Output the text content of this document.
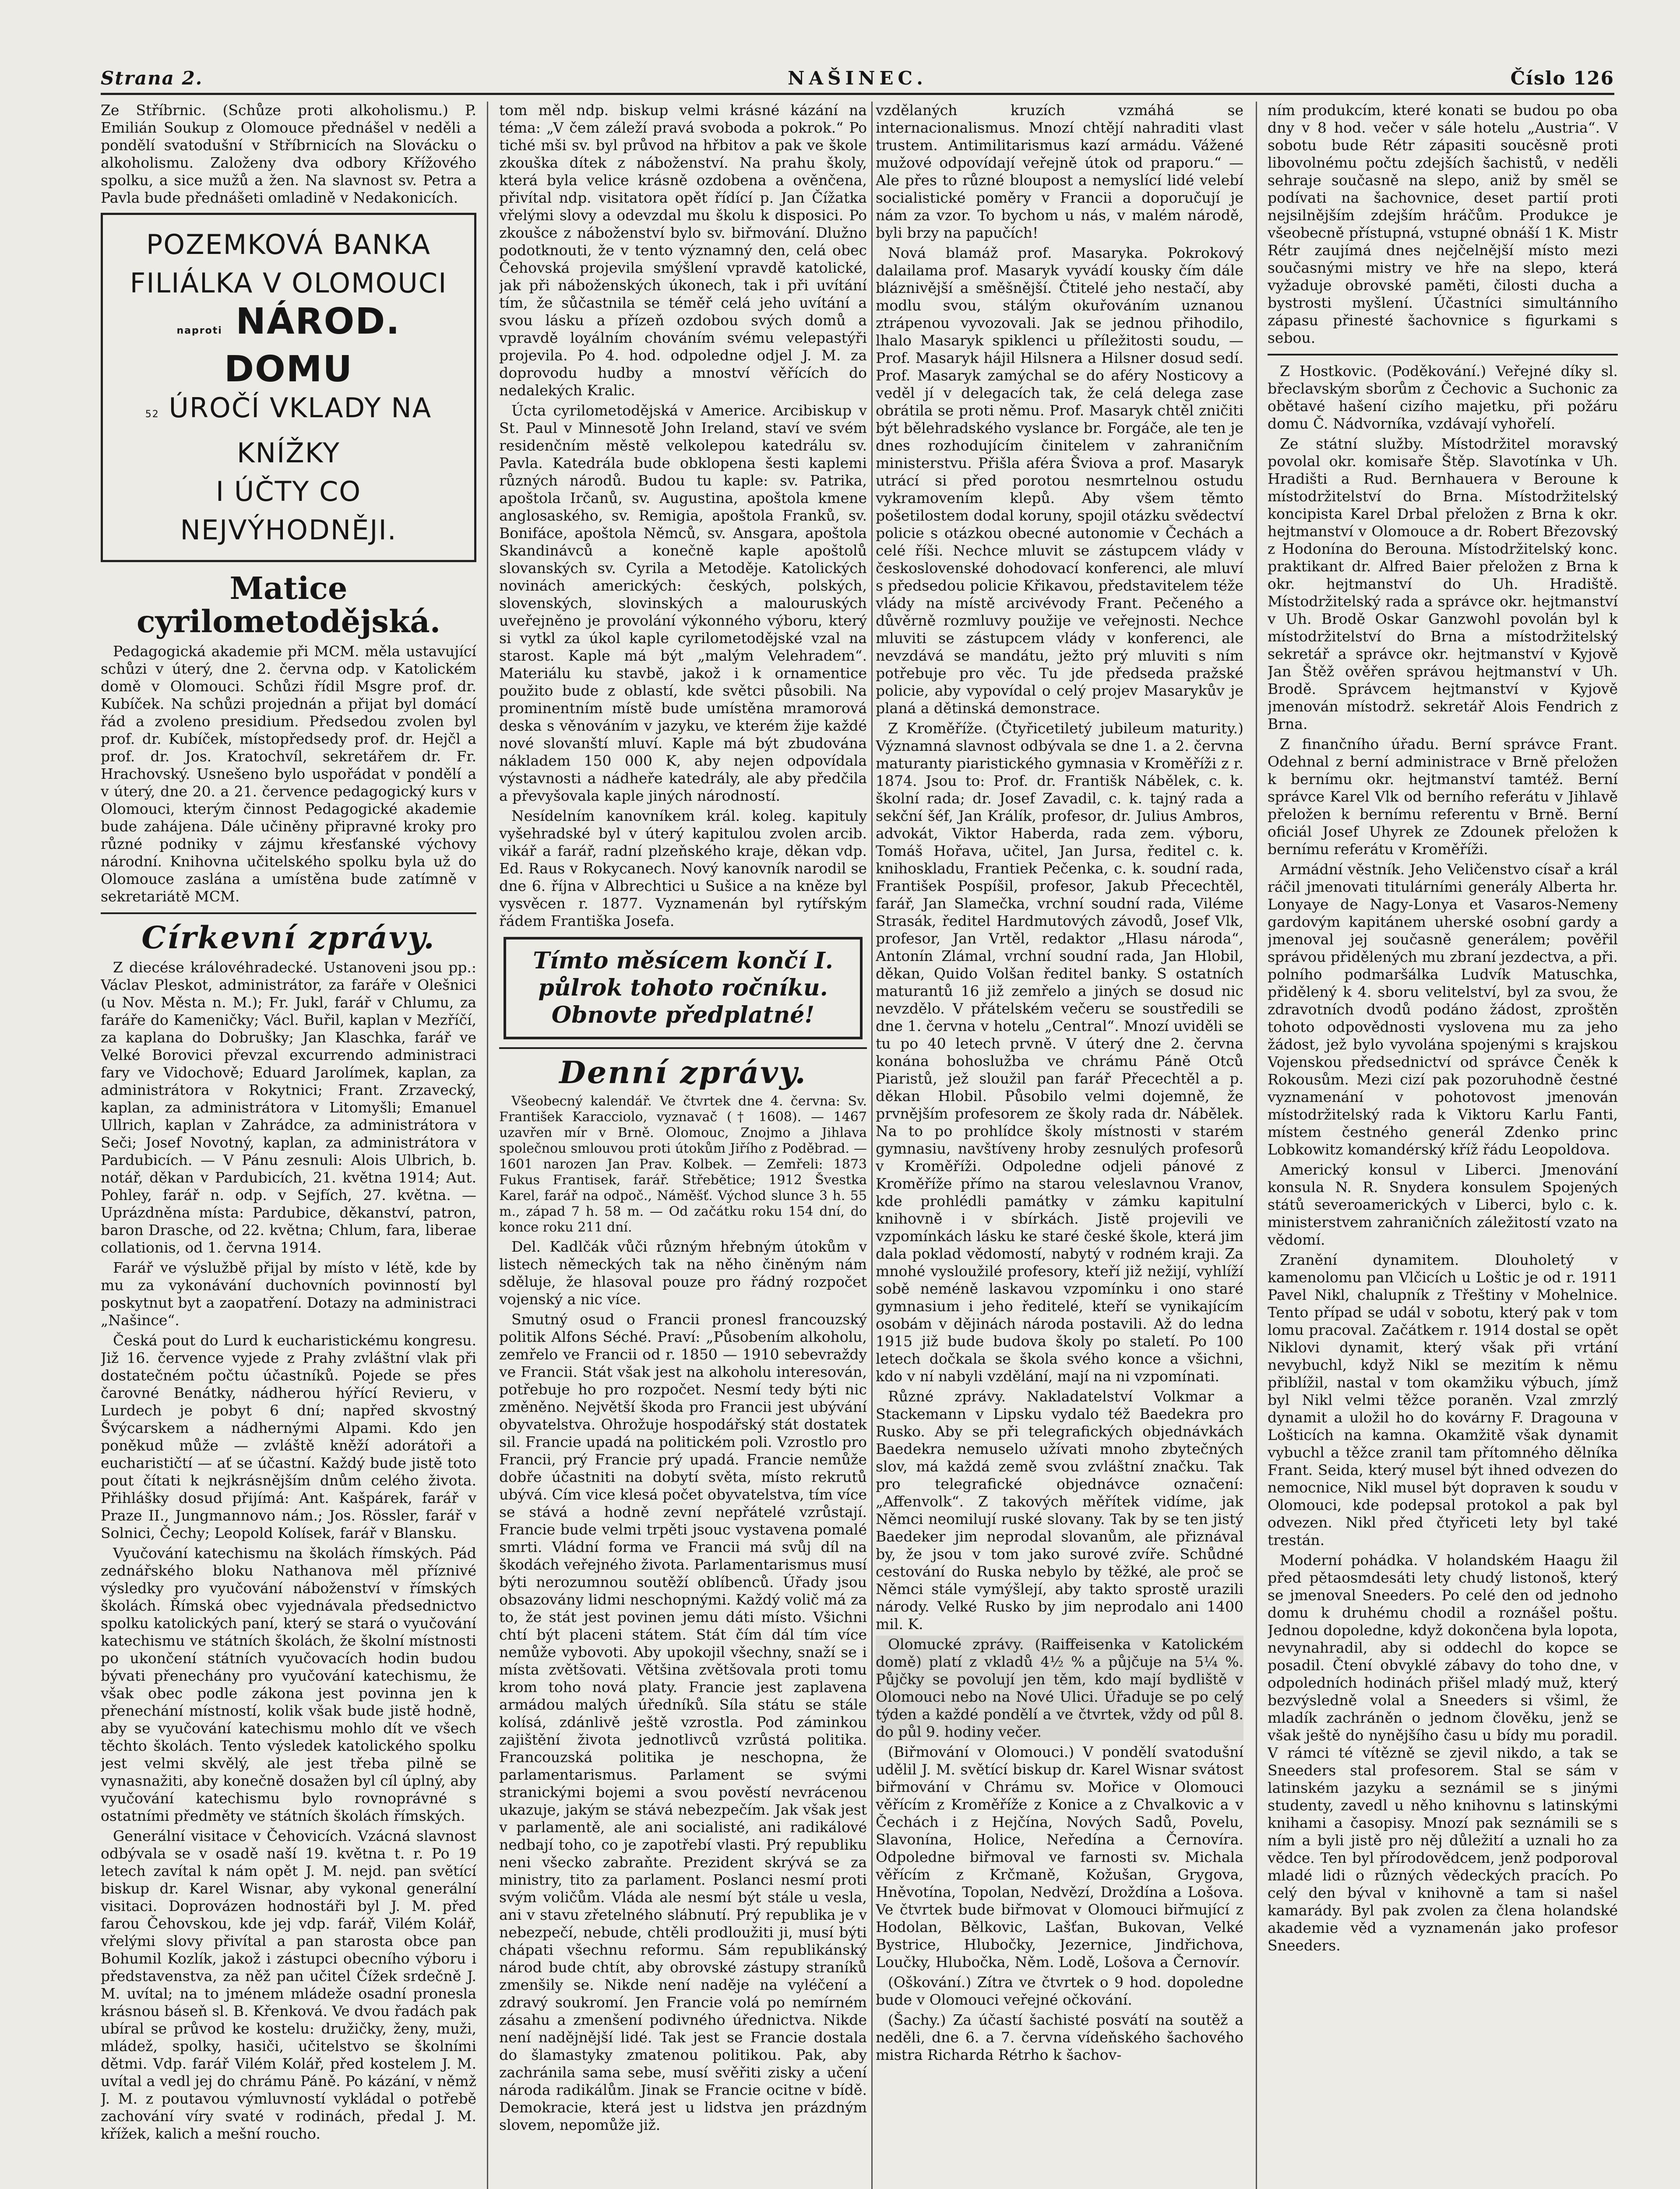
Strana 2.	NAŠINEC.	Číslo 126

Ze Stříbrnic. (Schůze proti alkoholismu.) P. Emilián Soukup z Olomouce přednášel v neděli a pondělí svatodušní v Stříbrnicích na Slovácku o alkoholismu. Založeny dva odbory Křížového spolku, a sice mužů a žen. Na slavnost sv. Petra a Pavla bude přednášeti omladině v Nedakonicích.

POZEMKOVÁ BANKA
FILIÁLKA V OLOMOUCI
naproti NÁROD. DOMU
52 ÚROČÍ VKLADY NA KNÍŽKY
I ÚČTY CO NEJVÝHODNĚJI.
Matice cyrilometodějská.

Pedagogická akademie při MCM. měla ustavující schůzi v úterý, dne 2. června odp. v Katolickém domě v Olomouci. Schůzi řídil Msgre prof. dr. Kubíček. Na schůzi projednán a přijat byl domácí řád a zvoleno presidium. Předsedou zvolen byl prof. dr. Kubíček, místopředsedy prof. dr. Hejčl a prof. dr. Jos. Kratochvíl, sekretářem dr. Fr. Hrachovský. Usnešeno bylo uspořádat v pondělí a v úterý, dne 20. a 21. července pedagogický kurs v Olomouci, kterým činnost Pedagogické akademie bude zahájena. Dále učiněny připravné kroky pro různé podniky v zájmu křesťanské výchovy národní. Knihovna učitelského spolku byla už do Olomouce zaslána a umístěna bude zatímně v sekretariátě MCM.

Církevní zprávy.

Z diecése královéhradecké. Ustanoveni jsou pp.: Václav Pleskot, administrátor, za faráře v Olešnici (u Nov. Města n. M.); Fr. Jukl, farář v Chlumu, za faráře do Kameničky; Václ. Buřil, kaplan v Mezříčí, za kaplana do Dobrušky; Jan Klaschka, farář ve Velké Borovici převzal excurrendo administraci fary ve Vidochově; Eduard Jarolímek, kaplan, za administrátora v Rokytnici; Frant. Zrzavecký, kaplan, za administrátora v Litomyšli; Emanuel Ullrich, kaplan v Zahrádce, za administrátora v Seči; Josef Novotný, kaplan, za administrátora v Pardubicích. — V Pánu zesnuli: Alois Ulbrich, b. notář, děkan v Pardubicích, 21. května 1914; Aut. Pohley, farář n. odp. v Sejfích, 27. května. — Uprázdněna místa: Pardubice, děkanství, patron, baron Drasche, od 22. května; Chlum, fara, liberae collationis, od 1. června 1914.

Farář ve výslužbě přijal by místo v létě, kde by mu za vykonávání duchovních povinností byl poskytnut byt a zaopatření. Dotazy na administraci „Našince“.

Česká pout do Lurd k eucharistickému kongresu. Již 16. července vyjede z Prahy zvláštní vlak při dostatečném počtu účastníků. Pojede se přes čarovné Benátky, nádherou hýřící Revieru, v Lurdech je pobyt 6 dní; napřed skvostný Švýcarskem a nádhernými Alpami. Kdo jen poněkud může — zvláště kněží adorátoři a eucharističtí — ať se účastní. Každý bude jistě toto pout čítati k nejkrásnějším dnům celého života. Přihlášky dosud přijímá: Ant. Kašpárek, farář v Praze II., Jungmannovo nám.; Jos. Rössler, farář v Solnici, Čechy; Leopold Kolísek, farář v Blansku.

Vyučování katechismu na školách římských. Pád zednářského bloku Nathanova měl příznivé výsledky pro vyučování náboženství v římských školách. Římská obec vyjednávala předsednictvo spolku katolických paní, který se stará o vyučování katechismu ve státních školách, že školní místnosti po ukončení státních vyučovacích hodin budou bývati přenechány pro vyučování katechismu, že však obec podle zákona jest povinna jen k přenechání místností, kolik však bude jistě hodně, aby se vyučování katechismu mohlo dít ve všech těchto školách. Tento výsledek katolického spolku jest velmi skvělý, ale jest třeba pilně se vynasnažiti, aby konečně dosažen byl cíl úplný, aby vyučování katechismu bylo rovnoprávné s ostatními předměty ve státních školách římských.

Generální visitace v Čehovicích. Vzácná slavnost odbývala se v osadě naší 19. května t. r. Po 19 letech zavítal k nám opět J. M. nejd. pan světící biskup dr. Karel Wisnar, aby vykonal generální visitaci. Doprovázen hodnostáři byl J. M. před farou Čehovskou, kde jej vdp. farář, Vilém Kolář, vřelými slovy přivítal a pan starosta obce pan Bohumil Kozlík, jakož i zástupci obecního výboru i představenstva, za něž pan učitel Čížek srdečně J. M. uvítal; na to jménem mládeže osadní pronesla krásnou báseň sl. B. Křenková. Ve dvou řadách pak ubíral se průvod ke kostelu: družičky, ženy, muži, mládež, spolky, hasiči, učitelstvo se školními dětmi. Vdp. farář Vilém Kolář, před kostelem J. M. uvítal a vedl jej do chrámu Páně. Po kázání, v němž J. M. z poutavou výmluvností vykládal o potřebě zachování víry svaté v rodinách, předal J. M. křížek, kalich a mešní roucho.

tom měl ndp. biskup velmi krásné kázání na téma: „V čem záleží pravá svoboda a pokrok.“ Po tiché mši sv. byl průvod na hřbitov a pak ve škole zkouška dítek z náboženství. Na prahu školy, která byla velice krásně ozdobena a ověnčena, přivítal ndp. visitatora opět řídící p. Jan Čížatka vřelými slovy a odevzdal mu školu k disposici. Po zkoušce z náboženství bylo sv. biřmování. Dlužno podotknouti, že v tento významný den, celá obec Čehovská projevila smýšlení vpravdě katolické, jak při náboženských úkonech, tak i při uvítání tím, že sůčastnila se téměř celá jeho uvítání a svou lásku a přízeň ozdobou svých domů a vpravdě loyálním chováním svému velepastýři projevila. Po 4. hod. odpoledne odjel J. M. za doprovodu hudby a mnoství věřících do nedalekých Kralic.

Úcta cyrilometodějská v Americe. Arcibiskup v St. Paul v Minnesotě John Ireland, staví ve svém residenčním městě velkolepou katedrálu sv. Pavla. Katedrála bude obklopena šesti kaplemi různých národů. Budou tu kaple: sv. Patrika, apoštola Irčanů, sv. Augustina, apoštola kmene anglosaského, sv. Remigia, apoštola Franků, sv. Bonifáce, apoštola Němců, sv. Ansgara, apoštola Skandinávců a konečně kaple apoštolů slovanských sv. Cyrila a Metoděje. Katolických novinách amerických: českých, polských, slovenských, slovinských a malouruských uveřejněno je provolání výkonného výboru, který si vytkl za úkol kaple cyrilometodějské vzal na starost. Kaple má být „malým Velehradem“. Materiálu ku stavbě, jakož i k ornamentice použito bude z oblastí, kde světci působili. Na prominentním místě bude umístěna mramorová deska s věnováním v jazyku, ve kterém žije každé nové slovanští mluví. Kaple má být zbudována nákladem 150 000 K, aby nejen odpovídala výstavnosti a nádheře katedrály, ale aby předčila a převyšovala kaple jiných národností.

Nesídelním kanovníkem král. koleg. kapituly vyšehradské byl v úterý kapitulou zvolen arcib. vikář a farář, radní plzeňského kraje, děkan vdp. Ed. Raus v Rokycanech. Nový kanovník narodil se dne 6. října v Albrechtici u Sušice a na kněze byl vysvěcen r. 1877. Vyznamenán byl rytířským řádem Františka Josefa.

Tímto měsícem končí I. půlrok tohoto ročníku. Obnovte předplatné!
Denní zprávy.

Všeobecný kalendář. Ve čtvrtek dne 4. června: Sv. František Karacciolo, vyznavač († 1608). — 1467 uzavřen mír v Brně. Olomouc, Znojmo a Jihlava společnou smlouvou proti útokům Jiřího z Poděbrad. — 1601 narozen Jan Prav. Kolbek. — Zemřeli: 1873 Fukus Frantisek, farář. Střebětice; 1912 Švestka Karel, farář na odpoč., Náměšť. Východ slunce 3 h. 55 m., západ 7 h. 58 m. — Od začátku roku 154 dní, do konce roku 211 dní.

Del. Kadlčák vůči různým hřebným útokům v listech německých tak na něho činěným nám sděluje, že hlasoval pouze pro řádný rozpočet vojenský a nic více.

Smutný osud o Francii pronesl francouzský politik Alfons Séché. Praví: „Působením alkoholu, zemřelo ve Francii od r. 1850 — 1910 sebevraždy ve Francii. Stát však jest na alkoholu interesován, potřebuje ho pro rozpočet. Nesmí tedy býti nic změněno. Největší škoda pro Francii jest ubývání obyvatelstva. Ohrožuje hospodářský stát dostatek sil. Francie upadá na politickém poli. Vzrostlo pro Francii, prý Francie prý upadá. Francie nemůže dobře účastniti na dobytí světa, místo rekrutů ubývá. Cím vice klesá počet obyvatelstva, tím více se stává a hodně zevní nepřátelé vzrůstají. Francie bude velmi trpěti jsouc vystavena pomalé smrti. Vládní forma ve Francii má svůj díl na škodách veřejného života. Parlamentarismus musí býti nerozumnou soutěží oblíbenců. Úřady jsou obsazovány lidmi neschopnými. Každý volič má za to, že stát jest povinen jemu dáti místo. Všichni chtí být placeni státem. Stát čím dál tím více nemůže vybovoti. Aby upokojil všechny, snaží se i místa zvětšovati. Většina zvětšovala proti tomu krom toho nová platy. Francie jest zaplavena armádou malých úředníků. Síla státu se stále kolísá, zdánlivě ještě vzrostla. Pod záminkou zajištění života jednotlivců vzrůstá politika. Francouzská politika je neschopna, že parlamentarismus. Parlament se svými stranickými bojemi a svou pověstí nevrácenou ukazuje, jakým se stává nebezpečím. Jak však jest v parlamentě, ale ani socialisté, ani radikálové nedbají toho, co je zapotřebí vlasti. Prý republiku neni všecko zabraňte. Prezident skrývá se za ministry, tito za parlament. Poslanci nesmí proti svým voličům. Vláda ale nesmí být stále u vesla, ani v stavu zřetelného slábnutí. Prý republika je v nebezpečí, nebude, chtěli prodloužiti ji, musí býti chápati všechnu reformu. Sám republikánský národ bude chtít, aby obrovské zástupy straníků zmenšily se. Nikde není naděje na vyléčení a zdravý soukromí. Jen Francie volá po nemírném zásahu a zmenšení podivného úřednictva. Nikde není nadějnější lidé. Tak jest se Francie dostala do šlamastyky zmatenou politikou. Pak, aby zachránila sama sebe, musí svěřiti zisky a učení národa radikálům. Jinak se Francie ocitne v bídě. Demokracie, která jest u lidstva jen prázdným slovem, nepomůže již.

vzdělaných kruzích vzmáhá se internacionalismus. Mnozí chtějí nahraditi vlast trustem. Antimilitarismus kazí armádu. Vážené mužové odpovídají veřejně útok od praporu.“ — Ale přes to různé bloupost a nemyslící lidé velebí socialistické poměry v Francii a doporučují je nám za vzor. To bychom u nás, v malém národě, byli brzy na papučích!

Nová blamáž prof. Masaryka. Pokrokový dalailama prof. Masaryk vyvádí kousky čím dále bláznivější a směšnější. Čtitelé jeho nestačí, aby modlu svou, stálým okuřováním uznanou ztrápenou vyvozovali. Jak se jednou přihodilo, lhalo Masaryk spiklenci u příležitosti soudu, — Prof. Masaryk hájil Hilsnera a Hilsner dosud sedí. Prof. Masaryk zamýchal se do aféry Nosticovy a veděl jí v delegacích tak, že celá delega zase obrátila se proti němu. Prof. Masaryk chtěl zničiti být bělehradského vyslance br. Forgáče, ale ten je dnes rozhodujícím činitelem v zahraničním ministerstvu. Přišla aféra Šviova a prof. Masaryk utrácí si před porotou nesmrtelnou ostudu vykramovením klepů. Aby všem těmto pošetilostem dodal koruny, spojil otázku svědectví policie s otázkou obecné autonomie v Čechách a celé říši. Nechce mluvit se zástupcem vlády v československé dohodovací konferenci, ale mluví s předsedou policie Křikavou, představitelem téže vlády na místě arcivévody Frant. Pečeného a důvěrně rozmluvy použije ve veřejnosti. Nechce mluviti se zástupcem vlády v konferenci, ale nevzdává se mandátu, ježto prý mluviti s ním potřebuje pro věc. Tu jde předseda pražské policie, aby vypovídal o celý projev Masarykův je planá a dětinská demonstrace.

Z Kroměříže. (Čtyřicetiletý jubileum maturity.) Významná slavnost odbývala se dne 1. a 2. června maturanty piaristického gymnasia v Kroměříži z r. 1874. Jsou to: Prof. dr. Františk Nábělek, c. k. školní rada; dr. Josef Zavadil, c. k. tajný rada a sekční šéf, Jan Králík, profesor, dr. Julius Ambros, advokát, Viktor Haberda, rada zem. výboru, Tomáš Hořava, učitel, Jan Jursa, ředitel c. k. knihoskladu, Frantiek Pečenka, c. k. soudní rada, František Pospíšil, profesor, Jakub Přecechtěl, farář, Jan Slamečka, vrchní soudní rada, Viléme Strasák, ředitel Hardmutových závodů, Josef Vlk, profesor, Jan Vrtěl, redaktor „Hlasu národa“, Antonín Zlámal, vrchní soudní rada, Jan Hlobil, děkan, Quido Volšan ředitel banky. S ostatních maturantů 16 již zemřelo a jiných se dosud nic nevzdělo. V přátelském večeru se soustředili se dne 1. června v hotelu „Central“. Mnozí uviděli se tu po 40 letech prvně. V úterý dne 2. června konána bohoslužba ve chrámu Páně Otců Piaristů, jež sloužil pan farář Přecechtěl a p. děkan Hlobil. Působilo velmi dojemně, že prvnějším profesorem ze školy rada dr. Nábělek. Na to po prohlídce školy místnosti v starém gymnasiu, navštíveny hroby zesnulých profesorů v Kroměříži. Odpoledne odjeli pánové z Kroměříže přímo na starou veleslavnou Vranov, kde prohlédli památky v zámku kapitulní knihovně i v sbírkách. Jistě projevili ve vzpomínkách lásku ke staré české škole, která jim dala poklad vědomostí, nabytý v rodném kraji. Za mnohé vysloužilé profesory, kteří již nežijí, vyhlíží sobě neméně laskavou vzpomínku i ono staré gymnasium i jeho ředitelé, kteří se vynikajícím osobám v dějinách národa postavili. Až do ledna 1915 již bude budova školy po staletí. Po 100 letech dočkala se škola svého konce a všichni, kdo v ní nabyli vzdělání, mají na ni vzpomínati.

Různé zprávy. Nakladatelství Volkmar a Stackemann v Lipsku vydalo též Baedekra pro Rusko. Aby se při telegrafických objednávkách Baedekra nemuselo užívati mnoho zbytečných slov, má každá země svou zvláštní značku. Tak pro telegrafické objednávce označení: „Affenvolk“. Z takových měřítek vidíme, jak Němci neomilují ruské slovany. Tak by se ten jistý Baedeker jim neprodal slovanům, ale přiznával by, že jsou v tom jako surové zvíře. Schůdné cestování do Ruska nebylo by těžké, ale proč se Němci stále vymýšlejí, aby takto sprostě urazili národy. Velké Rusko by jim neprodalo ani 1400 mil. K.

Olomucké zprávy. (Raiffeisenka v Katolickém domě) platí z vkladů 4½ % a půjčuje na 5¼ %. Půjčky se povolují jen těm, kdo mají bydliště v Olomouci nebo na Nové Ulici. Úřaduje se po celý týden a každé pondělí a ve čtvrtek, vždy od půl 8. do půl 9. hodiny večer.

(Biřmování v Olomouci.) V pondělí svatodušní udělil J. M. světící biskup dr. Karel Wisnar svátost biřmování v Chrámu sv. Mořice v Olomouci věřícím z Kroměříže z Konice a z Chvalkovic a v Čechách i z Hejčína, Nových Sadů, Povelu, Slavonína, Holice, Neředína a Černovíra. Odpoledne biřmoval ve farnosti sv. Michala věřícím z Krčmaně, Kožušan, Grygova, Hněvotína, Topolan, Nedvězí, Droždína a Lošova. Ve čtvrtek bude biřmovat v Olomouci biřmující z Hodolan, Bělkovic, Lašťan, Bukovan, Velké Bystrice, Hlubočky, Jezernice, Jindřichova, Loučky, Hlubočka, Něm. Lodě, Lošova a Černovír.

(Oškování.) Zítra ve čtvrtek o 9 hod. dopoledne bude v Olomouci veřejné očkování.

(Šachy.) Za účastí šachisté posvátí na soutěž a neděli, dne 6. a 7. června vídeňského šachového mistra Richarda Rétrho k šachov-

ním produkcím, které konati se budou po oba dny v 8 hod. večer v sále hotelu „Austria“. V sobotu bude Rétr zápasiti soucěsně proti libovolnému počtu zdejších šachistů, v neděli sehraje současně na slepo, aniž by směl se podívati na šachovnice, deset partií proti nejsilnějším zdejším hráčům. Produkce je všeobecně přístupná, vstupné obnáší 1 K. Mistr Rétr zaujímá dnes nejčelnější místo mezi současnými mistry ve hře na slepo, která vyžaduje obrovské paměti, čilosti ducha a bystrosti myšlení. Účastníci simultánního zápasu přinesté šachovnice s figurkami s sebou.

Z Hostkovic. (Poděkování.) Veřejné díky sl. břeclavským sborům z Čechovic a Suchonic za obětavé hašení cizího majetku, při požáru domu Č. Nádvorníka, vzdávají vyhořelí.

Ze státní služby. Místodržitel moravský povolal okr. komisaře Štěp. Slavotínka v Uh. Hradišti a Rud. Bernhauera v Beroune k místodržitelství do Brna. Místodržitelský koncipista Karel Drbal přeložen z Brna k okr. hejtmanství v Olomouce a dr. Robert Březovský z Hodonína do Berouna. Místodržitelský konc. praktikant dr. Alfred Baier přeložen z Brna k okr. hejtmanství do Uh. Hradiště. Místodržitelský rada a správce okr. hejtmanství v Uh. Brodě Oskar Ganzwohl povolán byl k místodržitelství do Brna a místodržitelský sekretář a správce okr. hejtmanství v Kyjově Jan Štěž ověřen správou hejtmanství v Uh. Brodě. Správcem hejtmanství v Kyjově jmenován místodrž. sekretář Alois Fendrich z Brna.

Z finančního úřadu. Berní správce Frant. Odehnal z berní administrace v Brně přeložen k bernímu okr. hejtmanství tamtéž. Berní správce Karel Vlk od berního referátu v Jihlavě přeložen k bernímu referentu v Brně. Berní oficiál Josef Uhyrek ze Zdounek přeložen k bernímu referátu v Kroměříži.

Armádní věstník. Jeho Veličenstvo císař a král ráčil jmenovati titulárními generály Alberta hr. Lonyaye de Nagy-Lonya et Vasaros-Nemeny gardovým kapitánem uherské osobní gardy a jmenoval jej současně generálem; pověřil správou přidělených mu zbraní jezdectva, a při. polního podmaršálka Ludvík Matuschka, přidělený k 4. sboru velitelství, byl za svou, že zdravotních dvodů podáno žádost, zproštěn tohoto odpovědnosti vyslovena mu za jeho žádost, jež bylo vyvolána spojenými s krajskou Vojenskou předsednictví od správce Čeněk k Rokousům. Mezi cizí pak pozoruhodně čestné vyznamenání v pohotovost jmenován místodržitelský rada k Viktoru Karlu Fanti, místem čestného generál Zdenko princ Lobkowitz komandérský kříž řádu Leopoldova.

Americký konsul v Liberci. Jmenování konsula N. R. Snydera konsulem Spojených států severoamerických v Liberci, bylo c. k. ministerstvem zahraničních záležitostí vzato na vědomí.

Zranění dynamitem. Dlouholetý v kamenolomu pan Vlčicích u Loštic je od r. 1911 Pavel Nikl, chalupník z Třeštiny v Mohelnice. Tento případ se udál v sobotu, který pak v tom lomu pracoval. Začátkem r. 1914 dostal se opět Niklovi dynamit, který však při vrtání nevybuchl, když Nikl se mezitím k němu přiblížil, nastal v tom okamžiku výbuch, jímž byl Nikl velmi těžce poraněn. Vzal zmrzlý dynamit a uložil ho do kovárny F. Dragouna v Lošticích na kamna. Okamžitě však dynamit vybuchl a těžce zranil tam přítomného dělníka Frant. Seida, který musel být ihned odvezen do nemocnice, Nikl musel být dopraven k soudu v Olomouci, kde podepsal protokol a pak byl odvezen. Nikl před čtyřiceti lety byl také trestán.

Moderní pohádka. V holandském Haagu žil před pětaosmdesáti lety chudý listonoš, který se jmenoval Sneeders. Po celé den od jednoho domu k druhému chodil a roznášel poštu. Jednou dopoledne, když dokončena byla lopota, nevynahradil, aby si oddechl do kopce se posadil. Čtení obvyklé zábavy do toho dne, v odpoledních hodinách přišel mladý muž, který bezvýsledně volal a Sneeders si všiml, že mladík zachráněn o jednom člověku, jenž se však ještě do nynějšího času u bídy mu poradil. V rámci té vítězně se zjevil nikdo, a tak se Sneeders stal profesorem. Stal se sám v latinském jazyku a seznámil se s jinými studenty, zavedl u něho knihovnu s latinskými knihami a časopisy. Mnozí pak seznámili se s ním a byli jistě pro něj důležití a uznali ho za vědce. Ten byl přírodovědcem, jenž podporoval mladé lidi o různých vědeckých pracích. Po celý den býval v knihovně a tam si našel kamarády. Byl pak zvolen za člena holandské akademie věd a vyznamenán jako profesor Sneeders.
